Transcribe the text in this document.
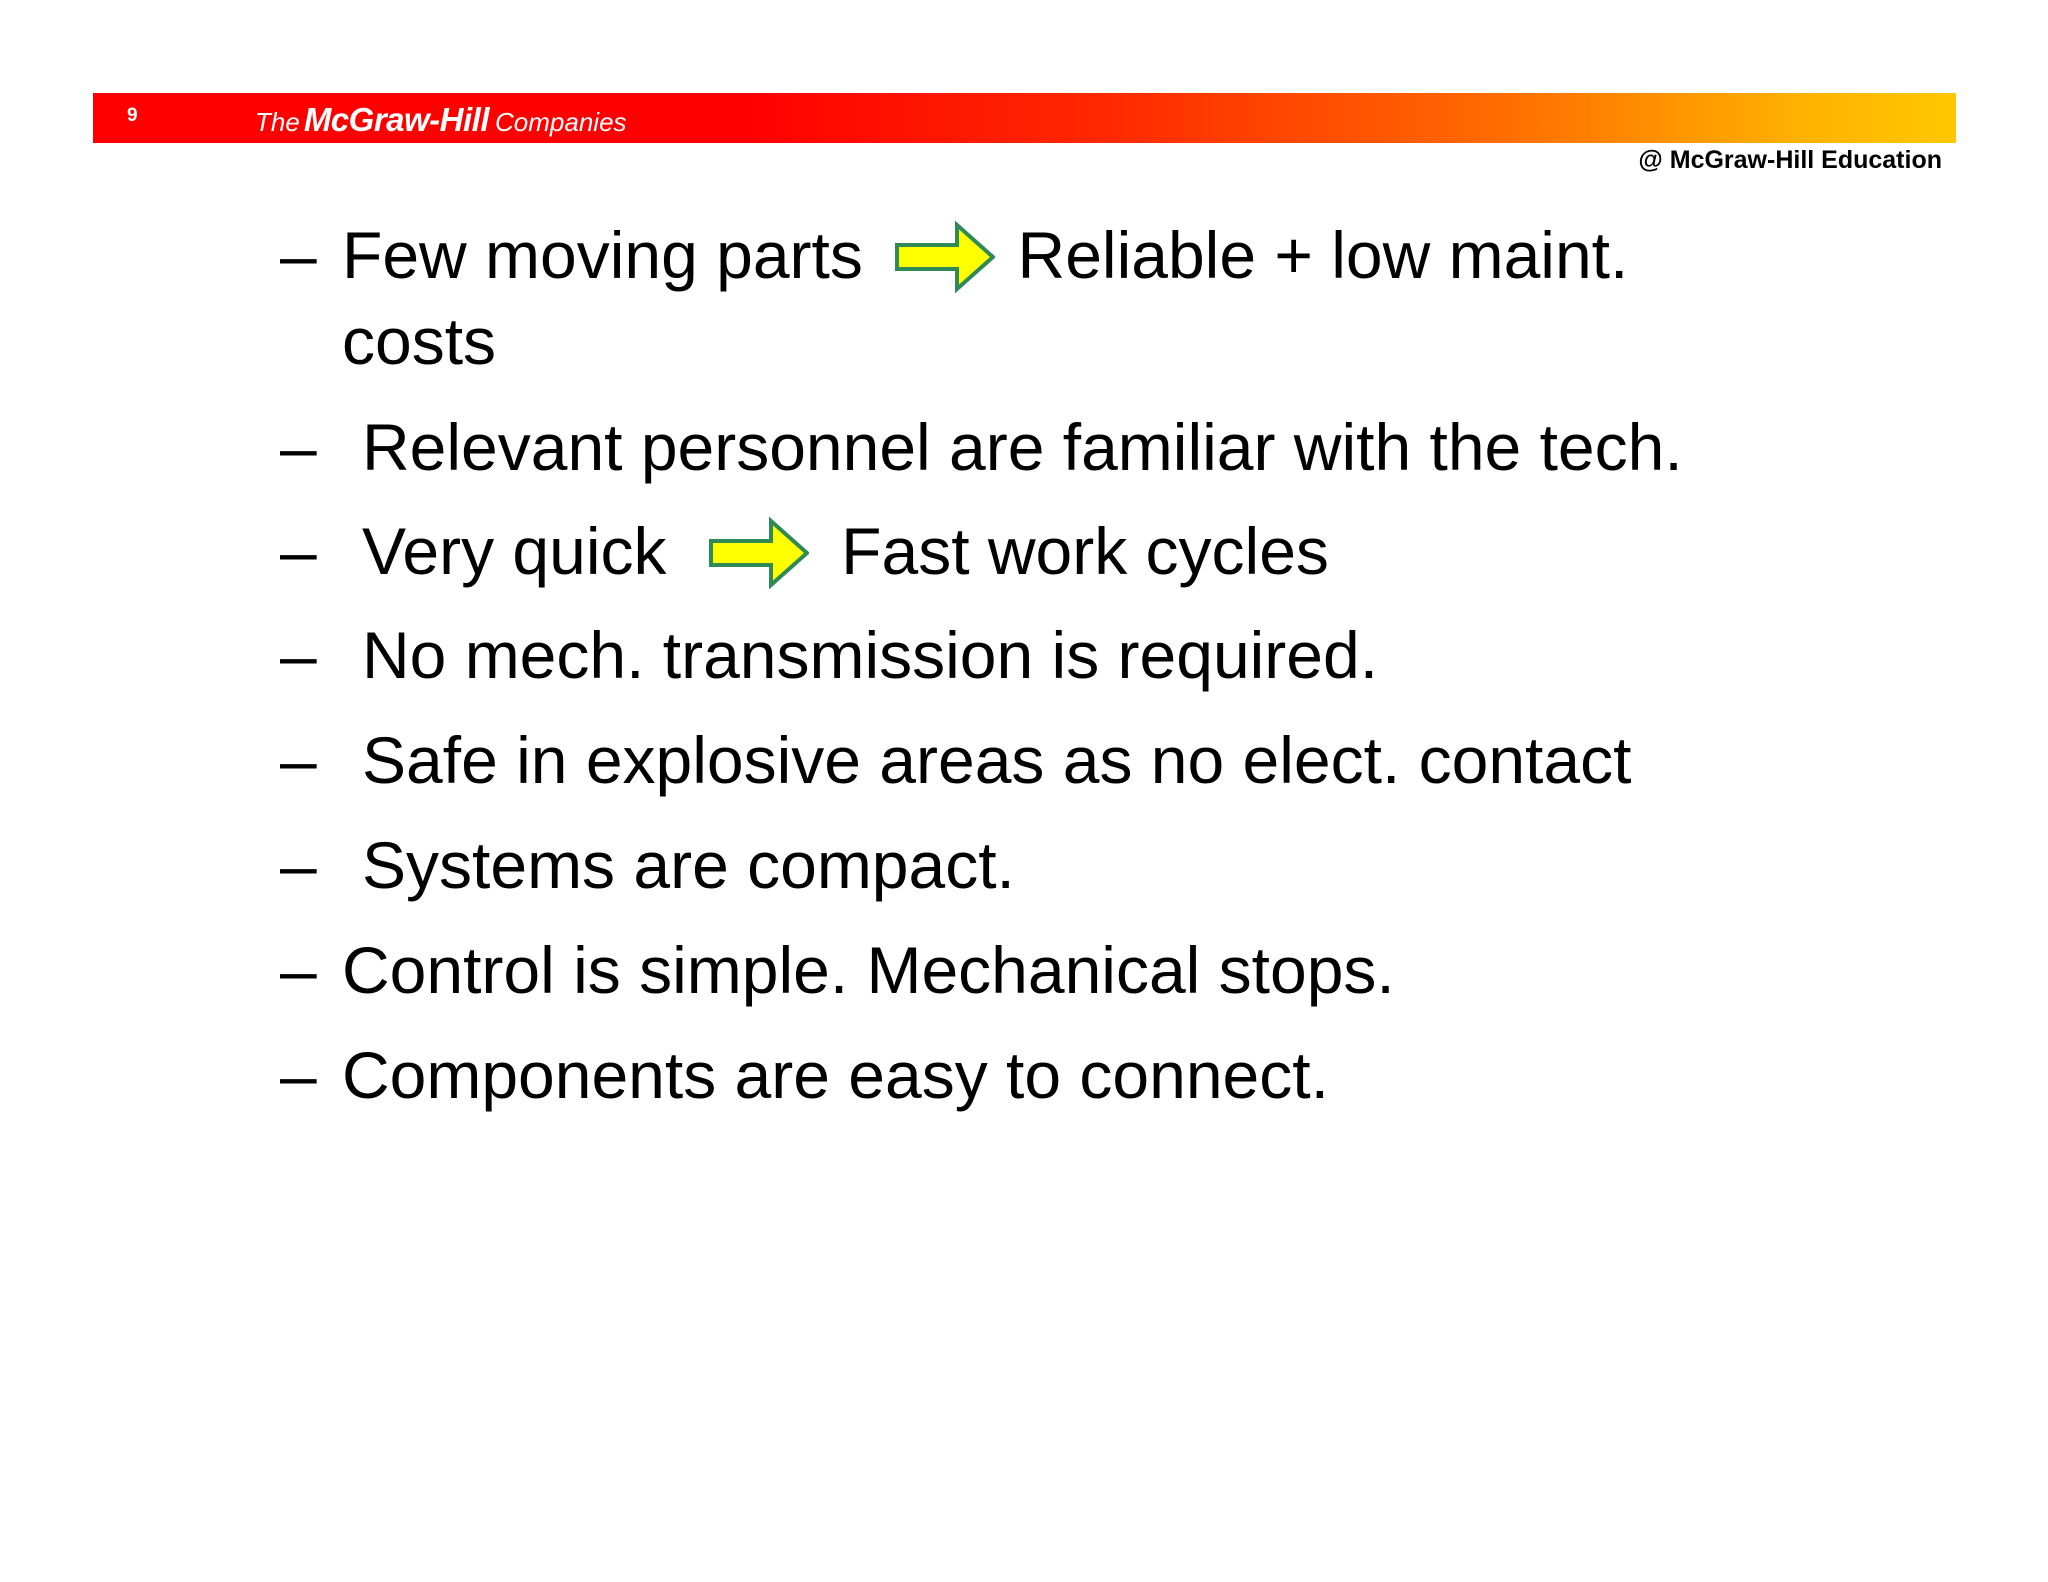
9	The McGraw-Hill Companies
@ McGraw-Hill Education
– Few moving parts Reliable + low maint.
costs
– Relevant personnel are familiar with the tech.
– Very quick	Fast work cycles
– No mech. transmission is required.
– Safe in explosive areas as no elect. contact
– Systems are compact.
– Control is simple. Mechanical stops.
– Components are easy to connect.
